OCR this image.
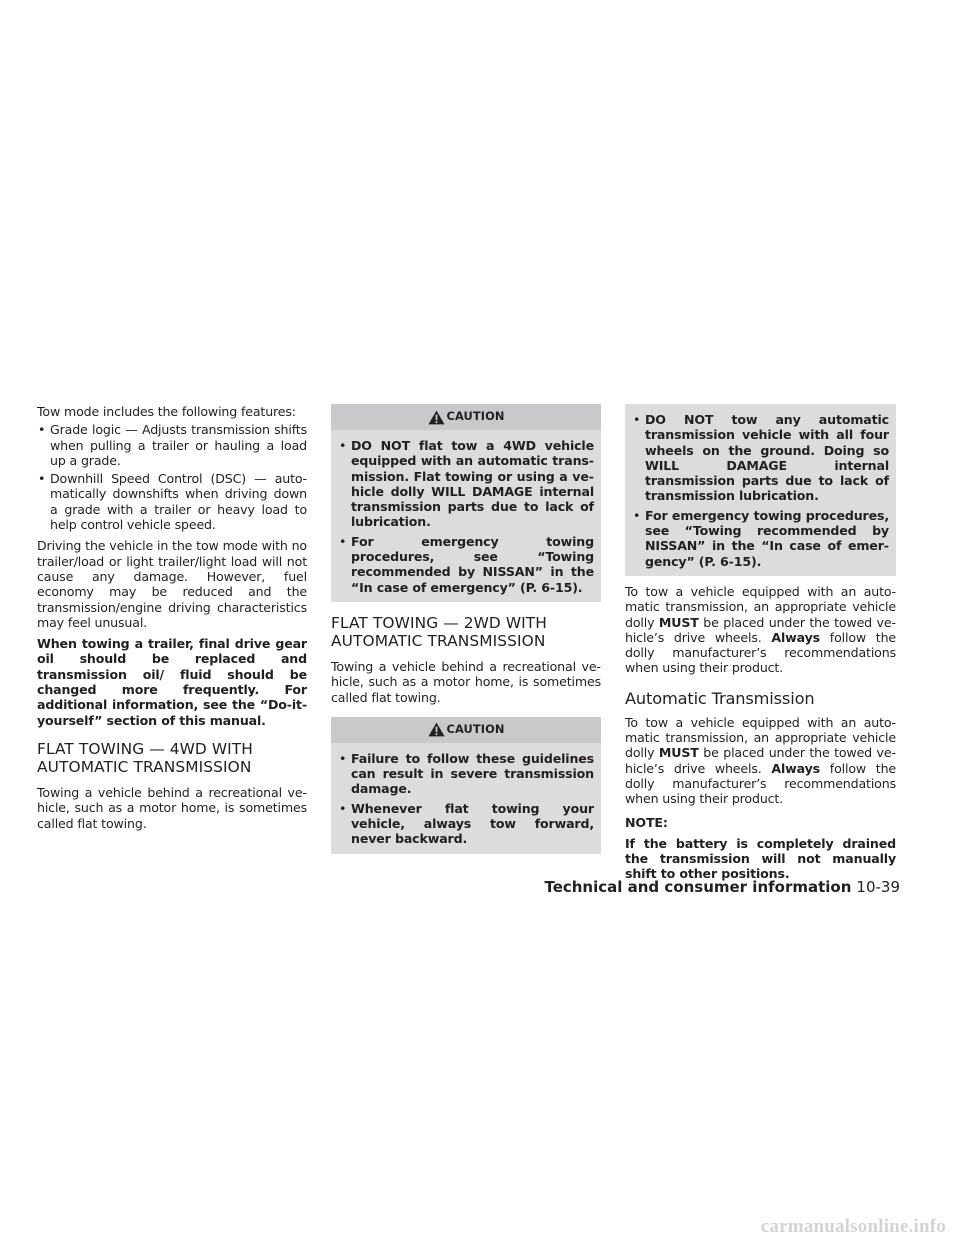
Tow mode includes the following features:

• Grade logic — Adjusts transmission shifts when pulling a trailer or hauling a load up a grade.
• Downhill Speed Control (DSC) — automatically downshifts when driving down a grade with a trailer or heavy load to help control vehicle speed.

Driving the vehicle in the tow mode with no trailer/load or light trailer/light load will not cause any damage. However, fuel economy may be reduced and the transmission/engine driving characteristics may feel unusual.

When towing a trailer, final drive gear oil should be replaced and transmission oil/ fluid should be changed more frequently. For additional information, see the “Do-it-yourself” section of this manual.

FLAT TOWING — 4WD WITH
AUTOMATIC TRANSMISSION

Towing a vehicle behind a recreational vehicle, such as a motor home, is sometimes called flat towing.

CAUTION
• DO NOT flat tow a 4WD vehicle equipped with an automatic transmission. Flat towing or using a vehicle dolly WILL DAMAGE internal transmission parts due to lack of lubrication.
• For emergency towing procedures, see “Towing recommended by NISSAN” in the “In case of emergency” (P. 6-15).
FLAT TOWING — 2WD WITH
AUTOMATIC TRANSMISSION

Towing a vehicle behind a recreational vehicle, such as a motor home, is sometimes called flat towing.

CAUTION
• Failure to follow these guidelines can result in severe transmission damage.
• Whenever flat towing your vehicle, always tow forward, never backward.
• DO NOT tow any automatic transmission vehicle with all four wheels on the ground. Doing so WILL DAMAGE internal transmission parts due to lack of transmission lubrication.
• For emergency towing procedures, see “Towing recommended by NISSAN” in the “In case of emergency” (P. 6-15).

To tow a vehicle equipped with an automatic transmission, an appropriate vehicle dolly MUST be placed under the towed vehicle’s drive wheels. Always follow the dolly manufacturer’s recommendations when using their product.

Automatic Transmission

To tow a vehicle equipped with an automatic transmission, an appropriate vehicle dolly MUST be placed under the towed vehicle’s drive wheels. Always follow the dolly manufacturer’s recommendations when using their product.

NOTE:

If the battery is completely drained the transmission will not manually shift to other positions.

Technical and consumer information 10-39
carmanualsonline.info
